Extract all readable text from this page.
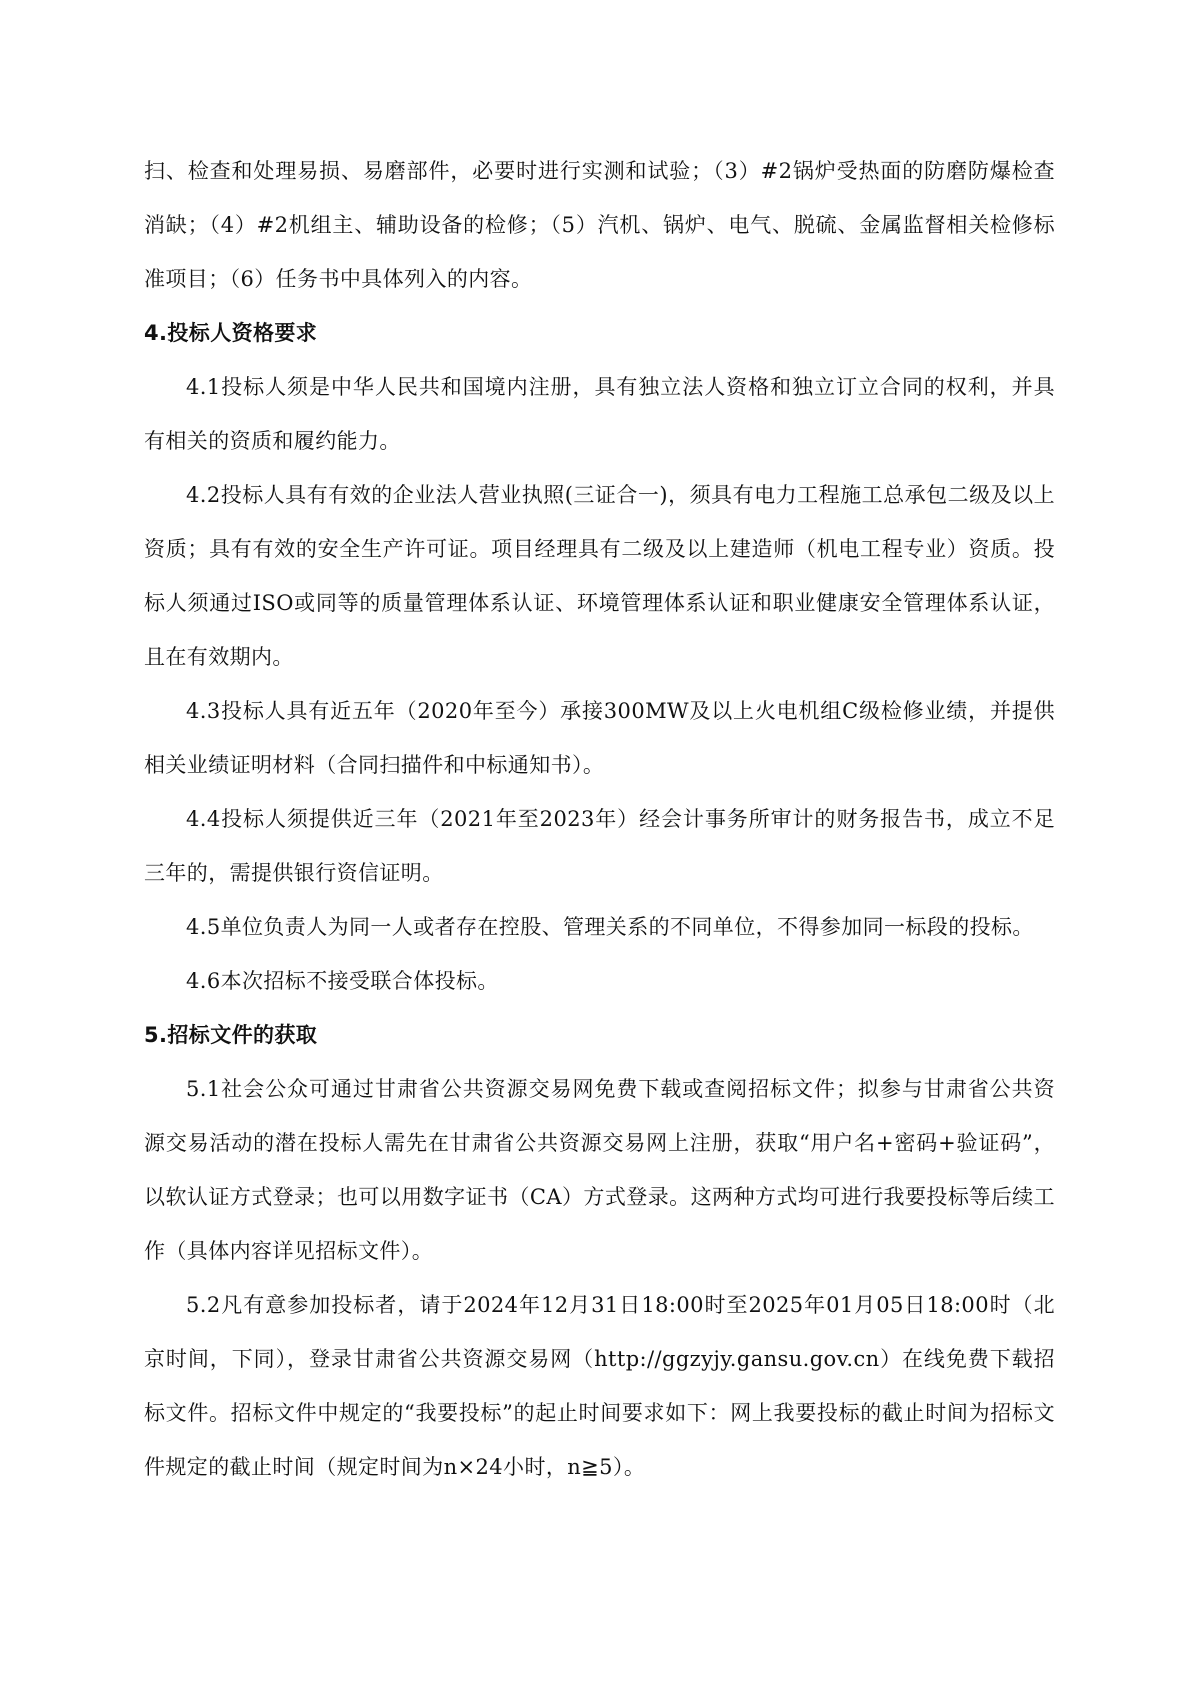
扫、检查和处理易损、易磨部件，必要时进行实测和试验；（3）#2锅炉受热面的防磨防爆检查消缺；（4）#2机组主、辅助设备的检修；（5）汽机、锅炉、电气、脱硫、金属监督相关检修标准项目；（6）任务书中具体列入的内容。

4.投标人资格要求

4.1投标人须是中华人民共和国境内注册，具有独立法人资格和独立订立合同的权利，并具有相关的资质和履约能力。

4.2投标人具有有效的企业法人营业执照(三证合一)，须具有电力工程施工总承包二级及以上资质；具有有效的安全生产许可证。项目经理具有二级及以上建造师（机电工程专业）资质。投标人须通过ISO或同等的质量管理体系认证、环境管理体系认证和职业健康安全管理体系认证，且在有效期内。

4.3投标人具有近五年（2020年至今）承接300MW及以上火电机组C级检修业绩，并提供相关业绩证明材料（合同扫描件和中标通知书）。

4.4投标人须提供近三年（2021年至2023年）经会计事务所审计的财务报告书，成立不足三年的，需提供银行资信证明。

4.5单位负责人为同一人或者存在控股、管理关系的不同单位，不得参加同一标段的投标。

4.6本次招标不接受联合体投标。

5.招标文件的获取

5.1社会公众可通过甘肃省公共资源交易网免费下载或查阅招标文件；拟参与甘肃省公共资源交易活动的潜在投标人需先在甘肃省公共资源交易网上注册，获取“用户名+密码+验证码”，以软认证方式登录；也可以用数字证书（CA）方式登录。这两种方式均可进行我要投标等后续工作（具体内容详见招标文件）。

5.2凡有意参加投标者，请于2024年12月31日18:00时至2025年01月05日18:00时（北京时间，下同），登录甘肃省公共资源交易网（http://ggzyjy.gansu.gov.cn）在线免费下载招标文件。招标文件中规定的“我要投标”的起止时间要求如下：网上我要投标的截止时间为招标文件规定的截止时间（规定时间为n×24小时，n≧5）。
